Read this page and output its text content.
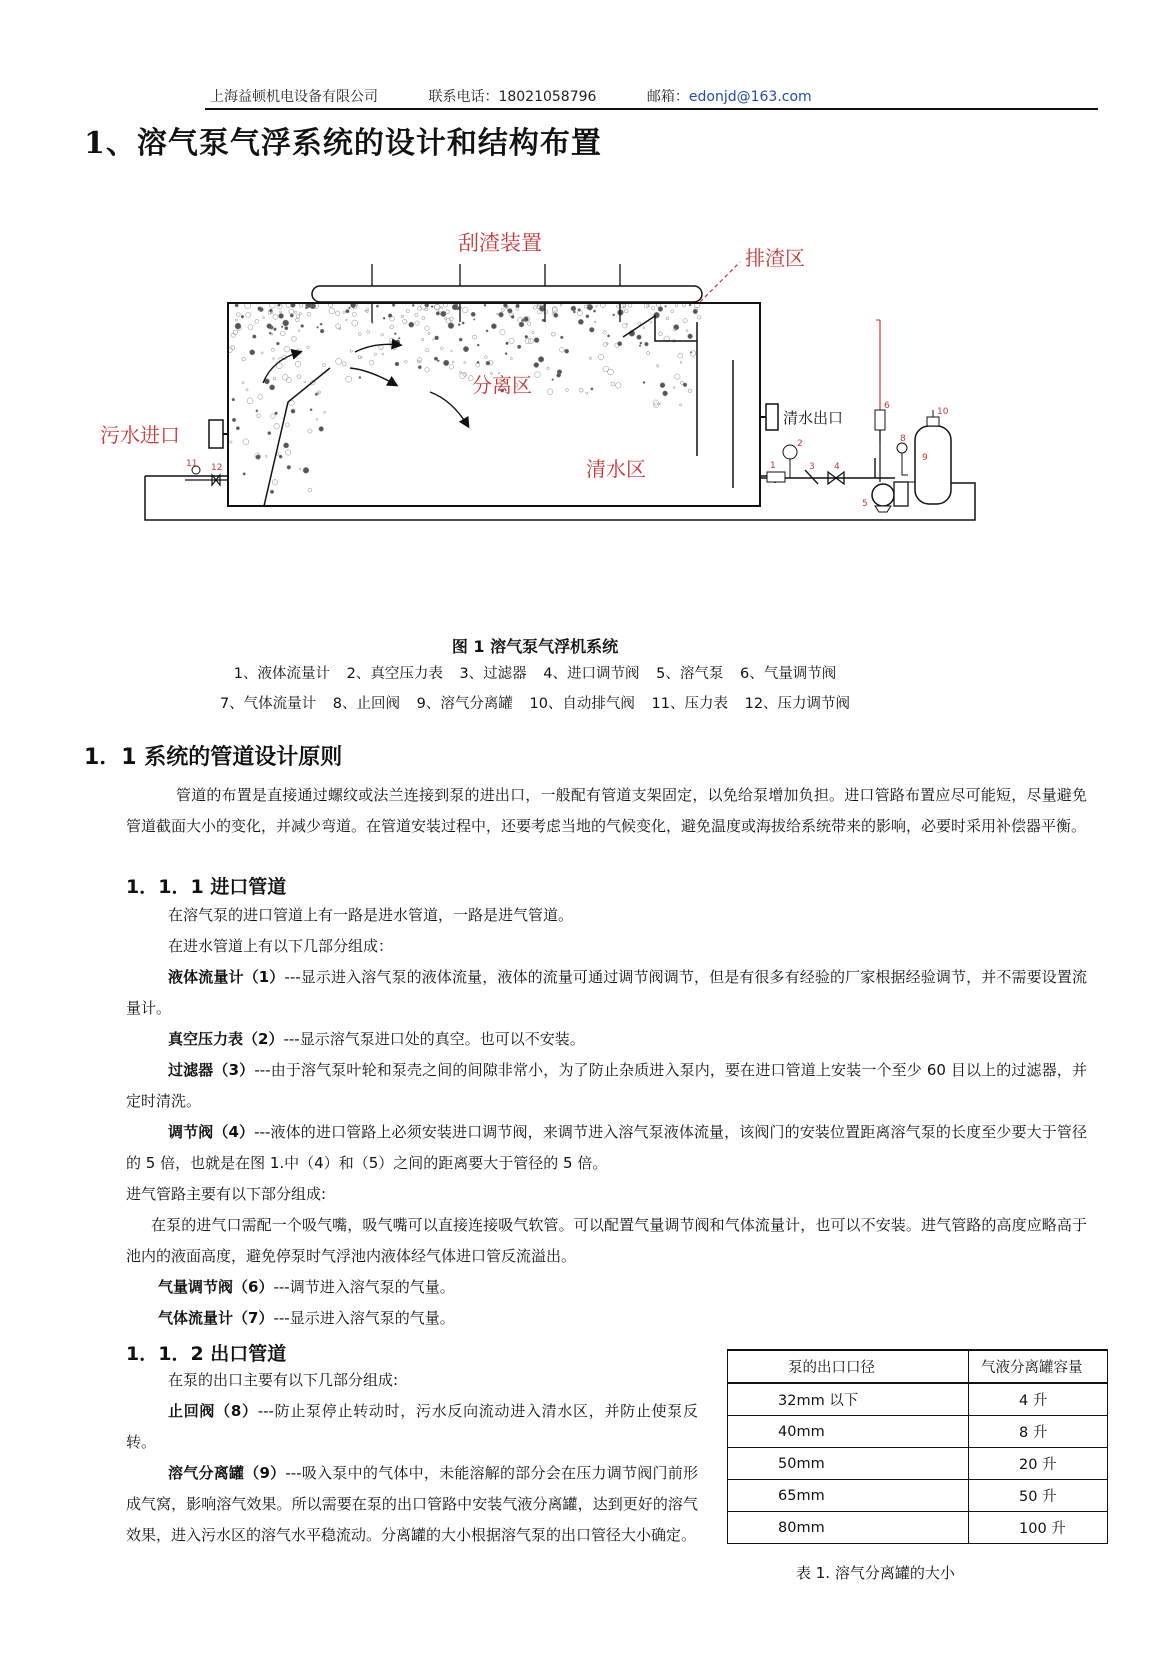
上海益顿机电设备有限公司	联系电话：18021058796	邮箱：edonjd@163.com
1、溶气泵气浮系统的设计和结构布置
刮渣装置
排渣区
污水进口
分离区
清水区
清水出口
11 12	1
2
3 4
5
6
8
9
10
图 1 溶气泵气浮机系统
1、液体流量计 2、真空压力表 3、过滤器 4、进口调节阀 5、溶气泵 6、气量调节阀
7、气体流量计 8、止回阀 9、溶气分离罐 10、自动排气阀 11、压力表 12、压力调节阀
1．1 系统的管道设计原则
管道的布置是直接通过螺纹或法兰连接到泵的进出口，一般配有管道支架固定，以免给泵增加负担。进口管路布置应尽可能短，尽量避免管道截面大小的变化，并减少弯道。在管道安装过程中，还要考虑当地的气候变化，避免温度或海拔给系统带来的影响，必要时采用补偿器平衡。
1．1．1 进口管道
在溶气泵的进口管道上有一路是进水管道，一路是进气管道。
在进水管道上有以下几部分组成：
液体流量计（1）---显示进入溶气泵的液体流量，液体的流量可通过调节阀调节，但是有很多有经验的厂家根据经验调节，并不需要设置流量计。
真空压力表（2）---显示溶气泵进口处的真空。也可以不安装。
过滤器（3）---由于溶气泵叶轮和泵壳之间的间隙非常小，为了防止杂质进入泵内，要在进口管道上安装一个至少 60 目以上的过滤器，并定时清洗。
调节阀（4）---液体的进口管路上必须安装进口调节阀，来调节进入溶气泵液体流量，该阀门的安装位置距离溶气泵的长度至少要大于管径的 5 倍，也就是在图 1.中（4）和（5）之间的距离要大于管径的 5 倍。
进气管路主要有以下部分组成:
在泵的进气口需配一个吸气嘴，吸气嘴可以直接连接吸气软管。可以配置气量调节阀和气体流量计，也可以不安装。进气管路的高度应略高于池内的液面高度，避免停泵时气浮池内液体经气体进口管反流溢出。
气量调节阀（6）---调节进入溶气泵的气量。
气体流量计（7）---显示进入溶气泵的气量。
1．1．2 出口管道
在泵的出口主要有以下几部分组成:
止回阀（8）---防止泵停止转动时，污水反向流动进入清水区，并防止使泵反转。
溶气分离罐（9）---吸入泵中的气体中，未能溶解的部分会在压力调节阀门前形成气窝，影响溶气效果。所以需要在泵的出口管路中安装气液分离罐，达到更好的溶气效果，进入污水区的溶气水平稳流动。分离罐的大小根据溶气泵的出口管径大小确定。
泵的出口口径	气液分离罐容量
32mm 以下	4 升
40mm	8 升
50mm	20 升
65mm	50 升
80mm	100 升
表 1. 溶气分离罐的大小
